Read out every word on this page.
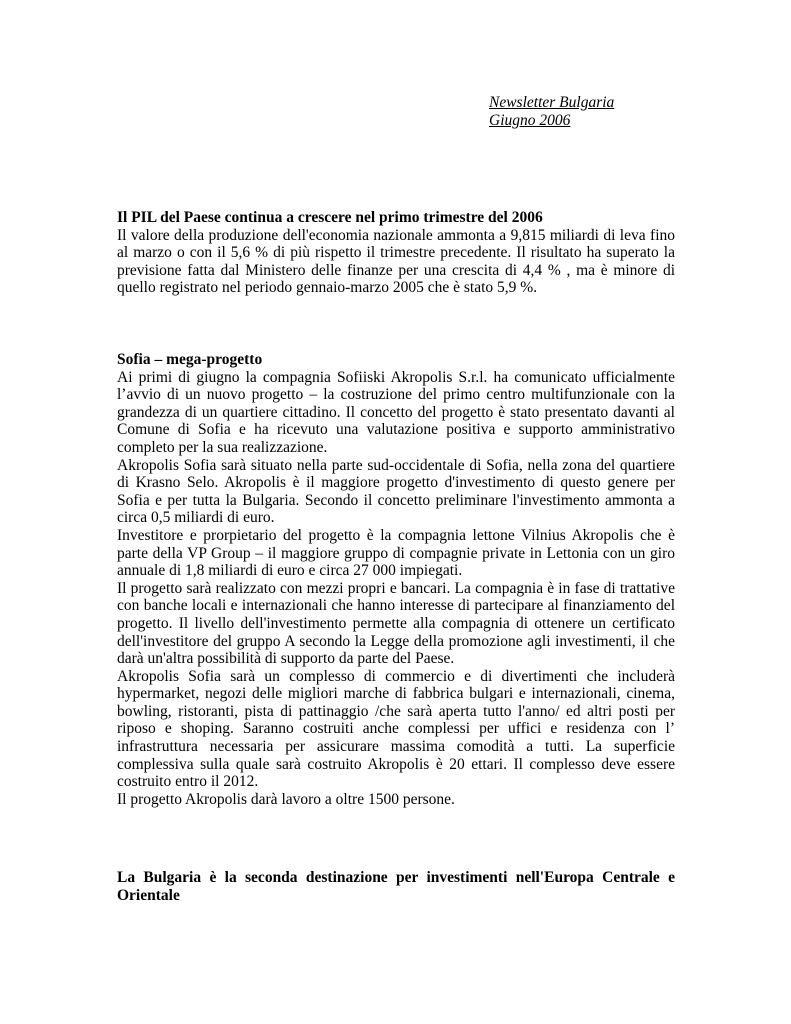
Newsletter Bulgaria
Giugno 2006
Il PIL del Paese continua a crescere nel primo trimestre del 2006

Il valore della produzione dell'economia nazionale ammonta a 9,815 miliardi di leva fino al marzo o con il 5,6 % di più rispetto il trimestre precedente. Il risultato ha superato la previsione fatta dal Ministero delle finanze per una crescita di 4,4 % , ma è minore di quello registrato nel periodo gennaio-marzo 2005 che è stato 5,9 %.

Sofia – mega-progetto

Ai primi di giugno la compagnia Sofiiski Akropolis S.r.l. ha comunicato ufficialmente l’avvio di un nuovo progetto – la costruzione del primo centro multifunzionale con la grandezza di un quartiere cittadino. Il concetto del progetto è stato presentato davanti al Comune di Sofia e ha ricevuto una valutazione positiva e supporto amministrativo completo per la sua realizzazione.

Akropolis Sofia sarà situato nella parte sud-occidentale di Sofia, nella zona del quartiere di Krasno Selo. Akropolis è il maggiore progetto d'investimento di questo genere per Sofia e per tutta la Bulgaria. Secondo il concetto preliminare l'investimento ammonta a circa 0,5 miliardi di euro.

Investitore e prorpietario del progetto è la compagnia lettone Vilnius Akropolis che è parte della VP Group – il maggiore gruppo di compagnie private in Lettonia con un giro annuale di 1,8 miliardi di euro e circa 27 000 impiegati.

Il progetto sarà realizzato con mezzi propri e bancari. La compagnia è in fase di trattative con banche locali e internazionali che hanno interesse di partecipare al finanziamento del progetto. Il livello dell'investimento permette alla compagnia di ottenere un certificato dell'investitore del gruppo A secondo la Legge della promozione agli investimenti, il che darà un'altra possibilità di supporto da parte del Paese.

Akropolis Sofia sarà un complesso di commercio e di divertimenti che includerà hypermarket, negozi delle migliori marche di fabbrica bulgari e internazionali, cinema, bowling, ristoranti, pista di pattinaggio /che sarà aperta tutto l'anno/ ed altri posti per riposo e shoping. Saranno costruiti anche complessi per uffici e residenza con l’ infrastruttura necessaria per assicurare massima comodità a tutti. La superficie complessiva sulla quale sarà costruito Akropolis è 20 ettari. Il complesso deve essere costruito entro il 2012.

Il progetto Akropolis darà lavoro a oltre 1500 persone.

La Bulgaria è la seconda destinazione per investimenti nell'Europa Centrale e Orientale
